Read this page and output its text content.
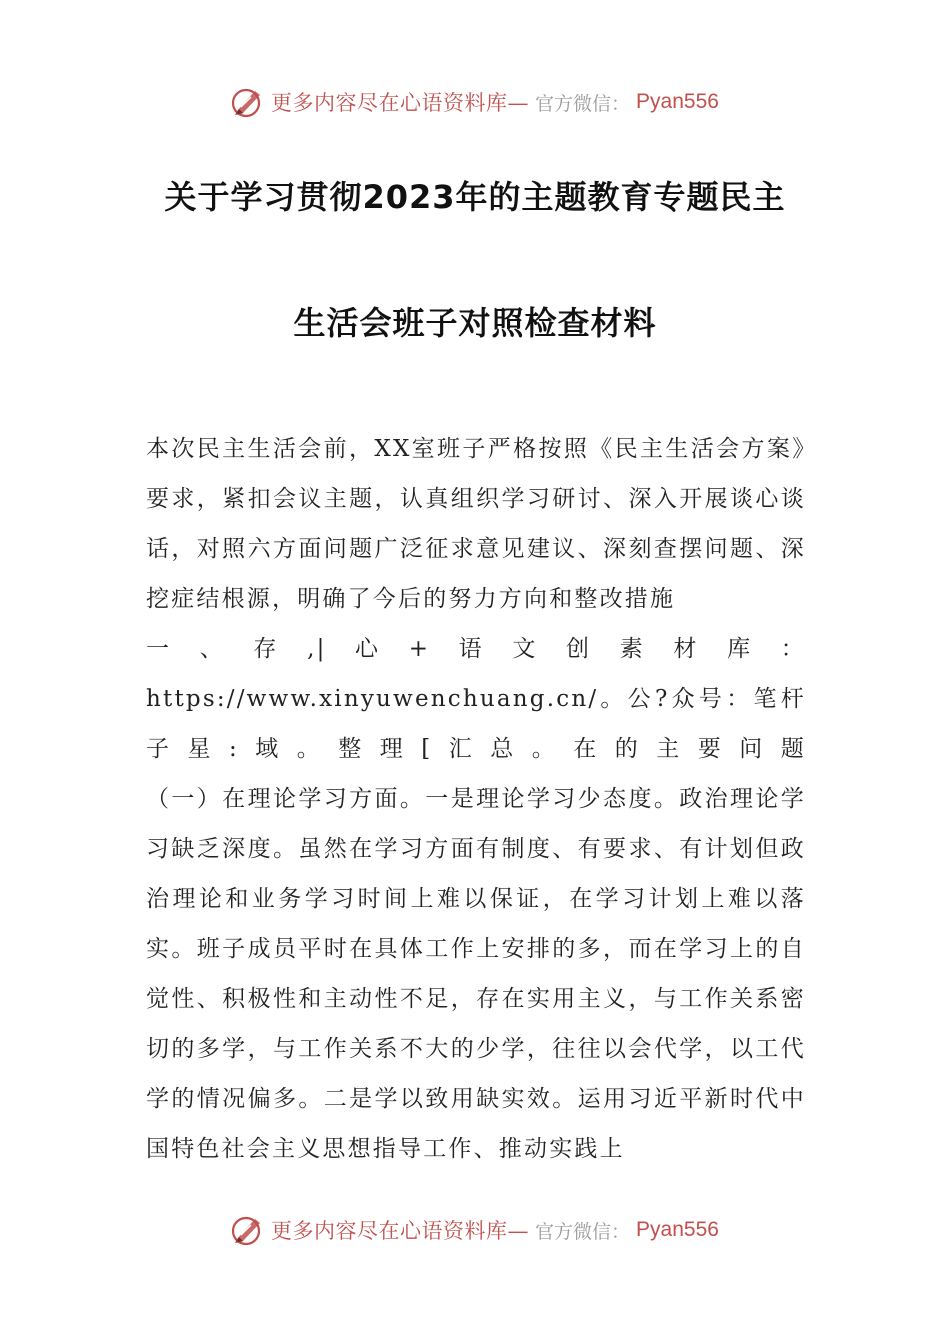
更多内容尽在心语资料库— 官方微信： Pyan556
关于学习贯彻2023年的主题教育专题民主
生活会班子对照检查材料

本次民主生活会前，XX室班子严格按照《民主生活会方案》要求，紧扣会议主题，认真组织学习研讨、深入开展谈心谈话，对照六方面问题广泛征求意见建议、深刻查摆问题、深挖症结根源，明确了今后的努力方向和整改措施

一、存,|心+语文创素材库：https://www.xinyuwenchuang.cn/。公?众号：笔杆子星:域。整理[汇总。在的主要问题

（一）在理论学习方面。一是理论学习少态度。政治理论学习缺乏深度。虽然在学习方面有制度、有要求、有计划但政治理论和业务学习时间上难以保证，在学习计划上难以落实。班子成员平时在具体工作上安排的多，而在学习上的自觉性、积极性和主动性不足，存在实用主义，与工作关系密切的多学，与工作关系不大的少学，往往以会代学，以工代学的情况偏多。二是学以致用缺实效。运用习近平新时代中国特色社会主义思想指导工作、推动实践上

更多内容尽在心语资料库— 官方微信： Pyan556
